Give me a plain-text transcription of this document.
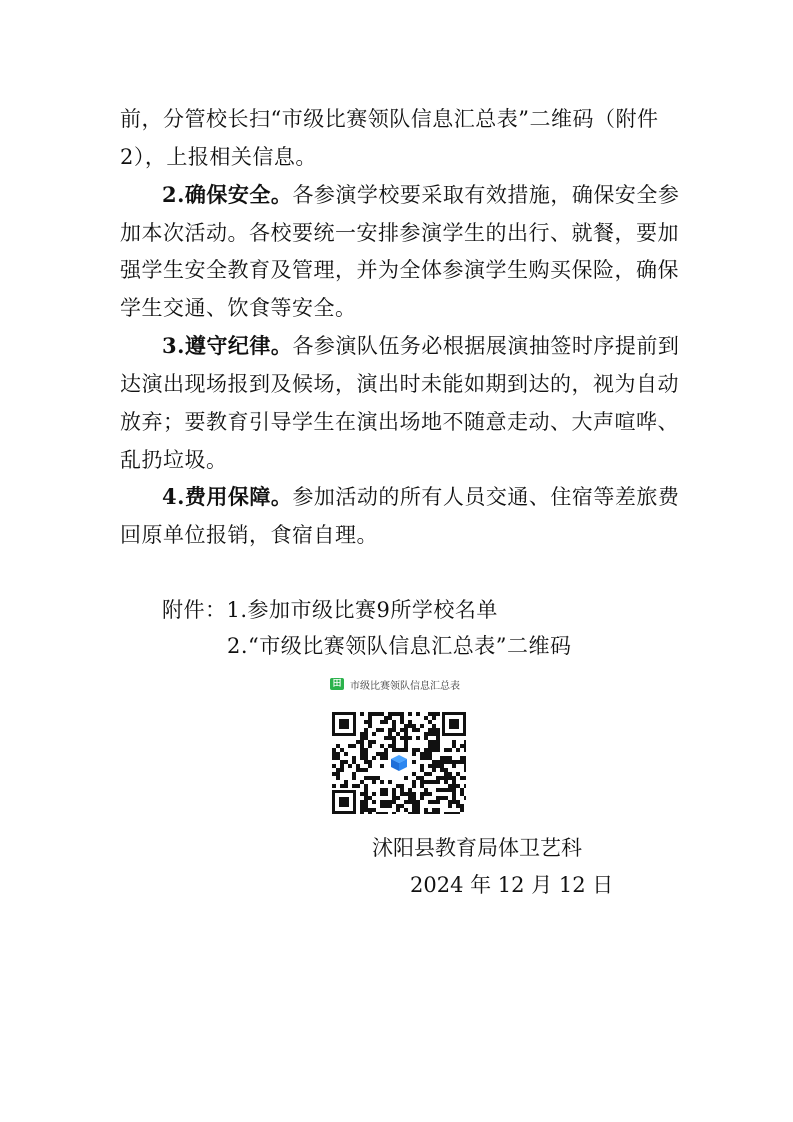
前，分管校长扫“市级比赛领队信息汇总表”二维码（附件
2），上报相关信息。
2.确保安全。各参演学校要采取有效措施，确保安全参
加本次活动。各校要统一安排参演学生的出行、就餐，要加
强学生安全教育及管理，并为全体参演学生购买保险，确保
学生交通、饮食等安全。
3.遵守纪律。各参演队伍务必根据展演抽签时序提前到
达演出现场报到及候场，演出时未能如期到达的，视为自动
放弃；要教育引导学生在演出场地不随意走动、大声喧哗、
乱扔垃圾。
4.费用保障。参加活动的所有人员交通、住宿等差旅费
回原单位报销，食宿自理。
附件：1.参加市级比赛9所学校名单
2.“市级比赛领队信息汇总表”二维码
田 市级比赛领队信息汇总表
沭阳县教育局体卫艺科
2024 年 12 月 12 日
